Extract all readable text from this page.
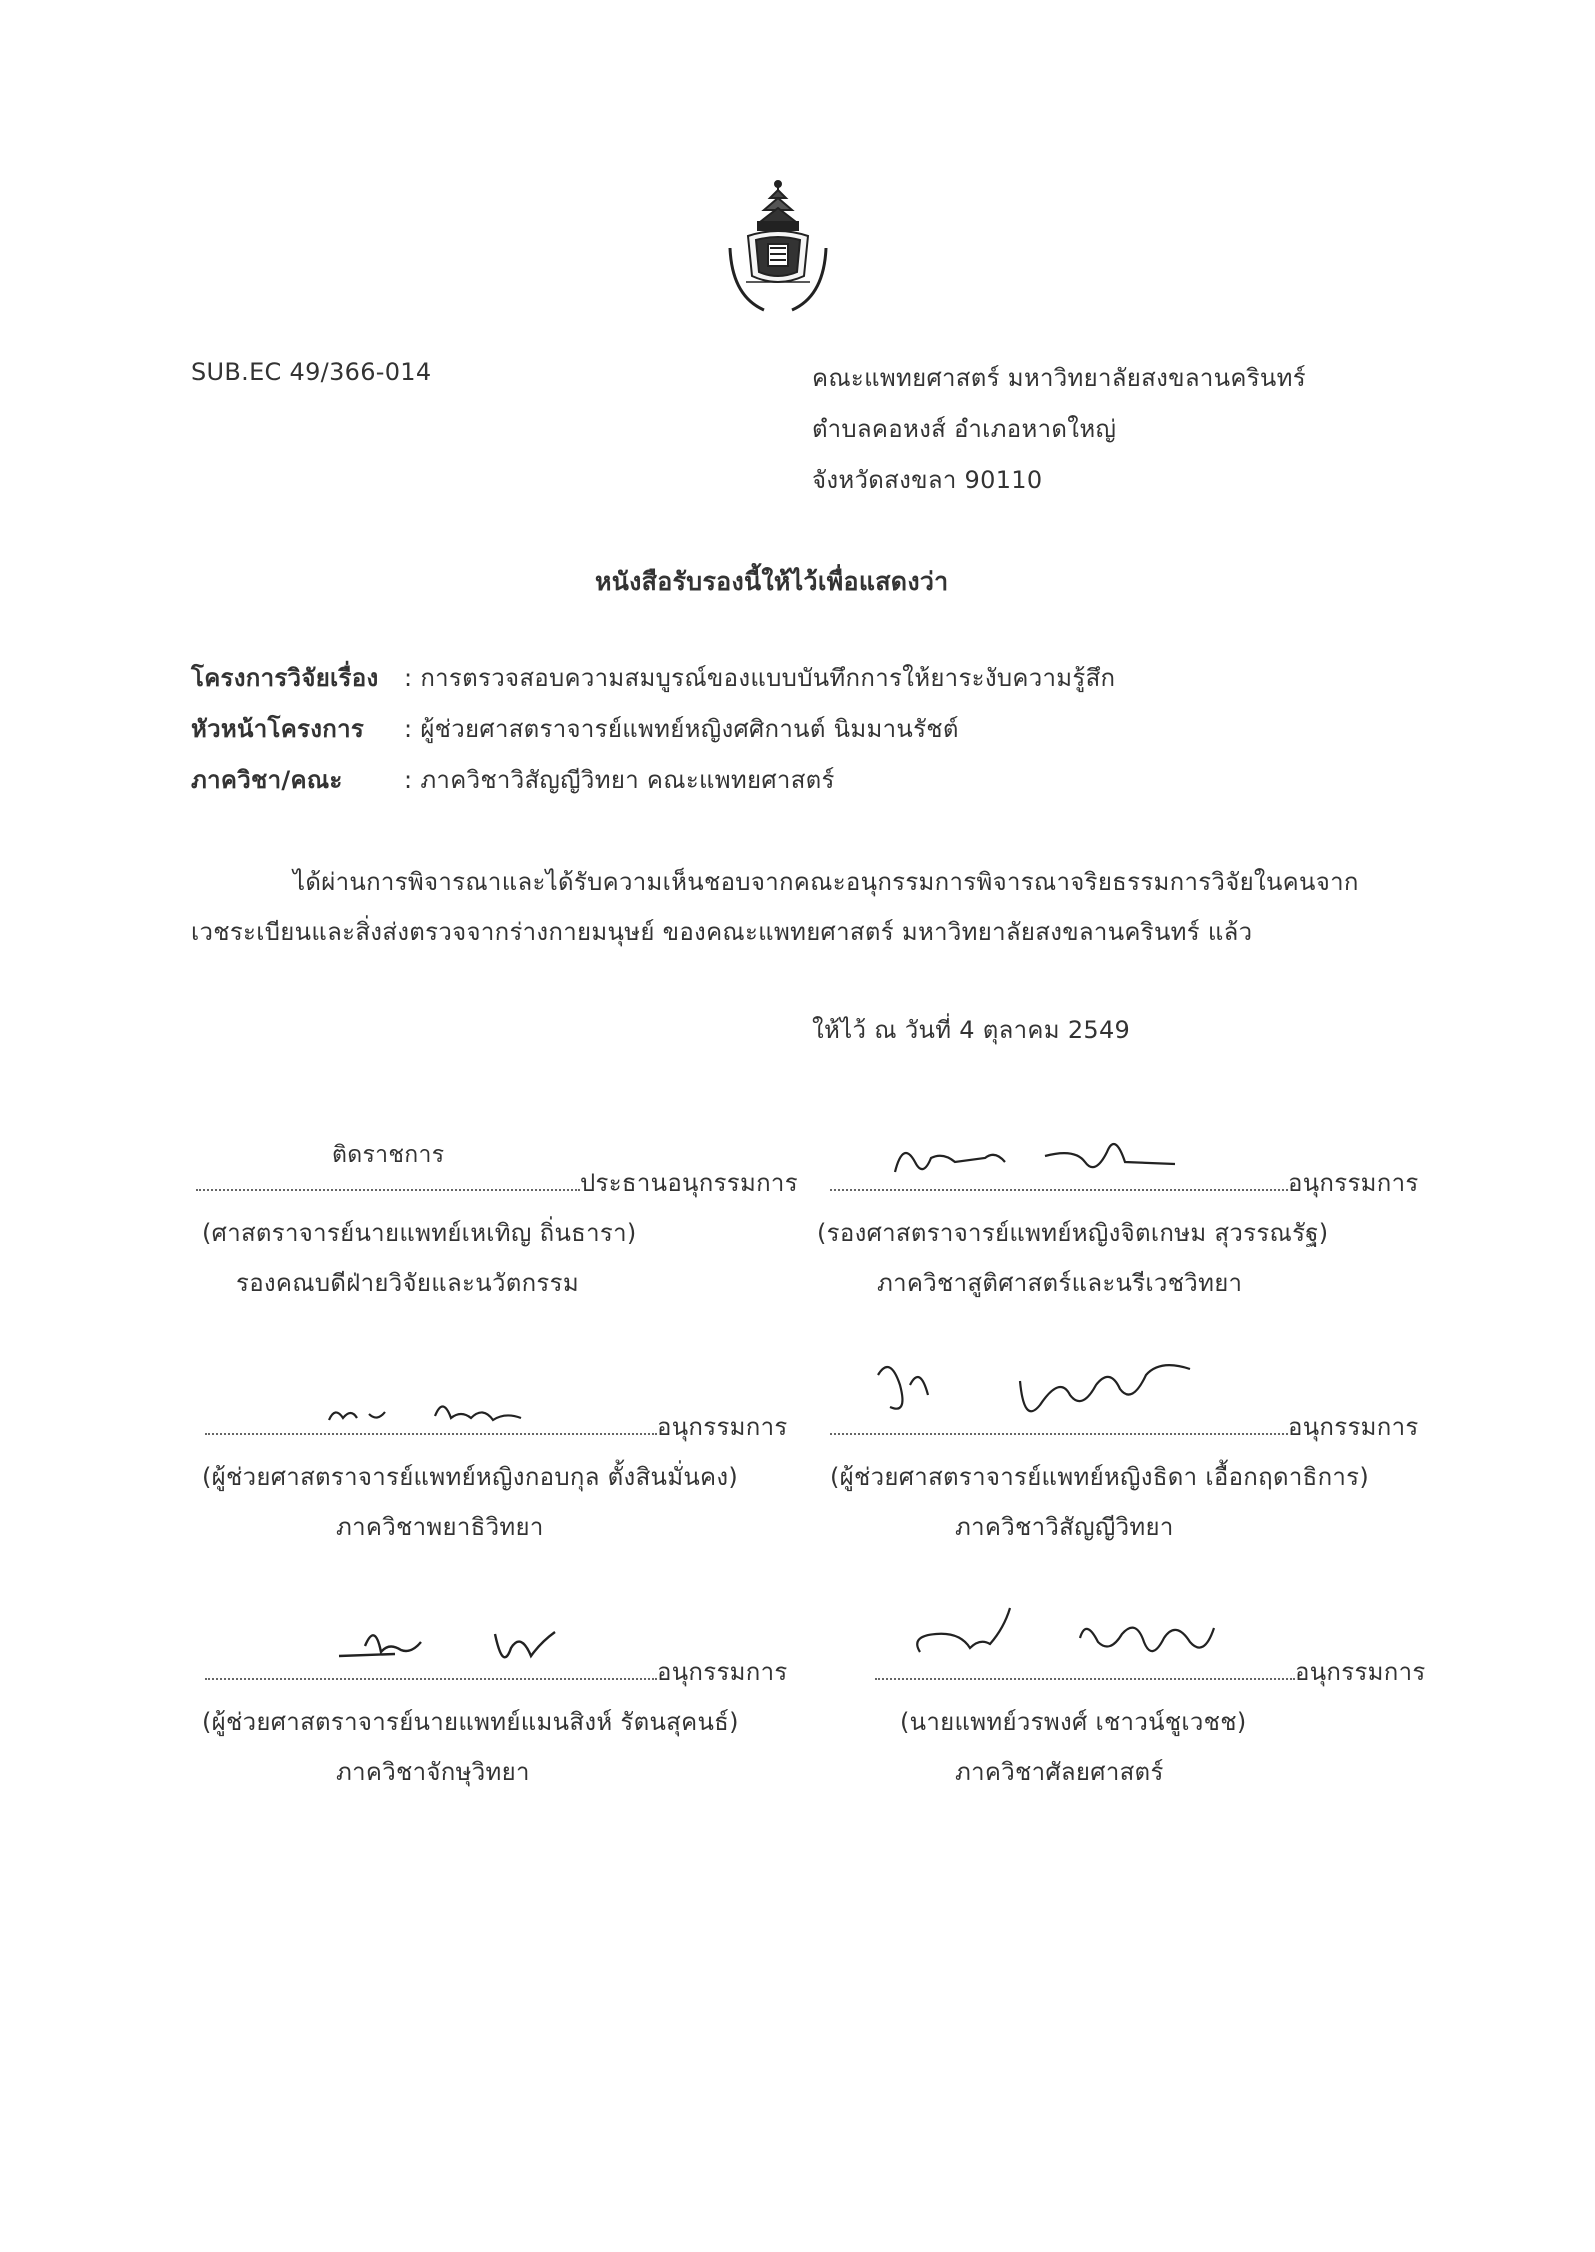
SUB.EC 49/366-014	คณะแพทยศาสตร์ มหาวิทยาลัยสงขลานครินทร์
ตำบลคอหงส์ อำเภอหาดใหญ่
จังหวัดสงขลา 90110
หนังสือรับรองนี้ให้ไว้เพื่อแสดงว่า
โครงการวิจัยเรื่อง : การตรวจสอบความสมบูรณ์ของแบบบันทึกการให้ยาระงับความรู้สึก
หัวหน้าโครงการ : ผู้ช่วยศาสตราจารย์แพทย์หญิงศศิกานต์ นิมมานรัชต์
ภาควิชา/คณะ	: ภาควิชาวิสัญญีวิทยา คณะแพทยศาสตร์
ได้ผ่านการพิจารณาและได้รับความเห็นชอบจากคณะอนุกรรมการพิจารณาจริยธรรมการวิจัยในคนจาก
เวชระเบียนและสิ่งส่งตรวจจากร่างกายมนุษย์ ของคณะแพทยศาสตร์ มหาวิทยาลัยสงขลานครินทร์ แล้ว
ให้ไว้ ณ วันที่ 4 ตุลาคม 2549
ติดราชการ
ประธานอนุกรรมการ
(ศาสตราจารย์นายแพทย์เหเทิญ ถิ่นธารา)
รองคณบดีฝ่ายวิจัยและนวัตกรรม
อนุกรรมการ
(รองศาสตราจารย์แพทย์หญิงจิตเกษม สุวรรณรัฐ)
ภาควิชาสูติศาสตร์และนรีเวชวิทยา
อนุกรรมการ
(ผู้ช่วยศาสตราจารย์แพทย์หญิงกอบกุล ตั้งสินมั่นคง)
ภาควิชาพยาธิวิทยา
อนุกรรมการ
(ผู้ช่วยศาสตราจารย์แพทย์หญิงธิดา เอื้อกฤดาธิการ)
ภาควิชาวิสัญญีวิทยา
อนุกรรมการ
(ผู้ช่วยศาสตราจารย์นายแพทย์แมนสิงห์ รัตนสุคนธ์)
ภาควิชาจักษุวิทยา
อนุกรรมการ
(นายแพทย์วรพงศ์ เชาวน์ชูเวชช)
ภาควิชาศัลยศาสตร์
